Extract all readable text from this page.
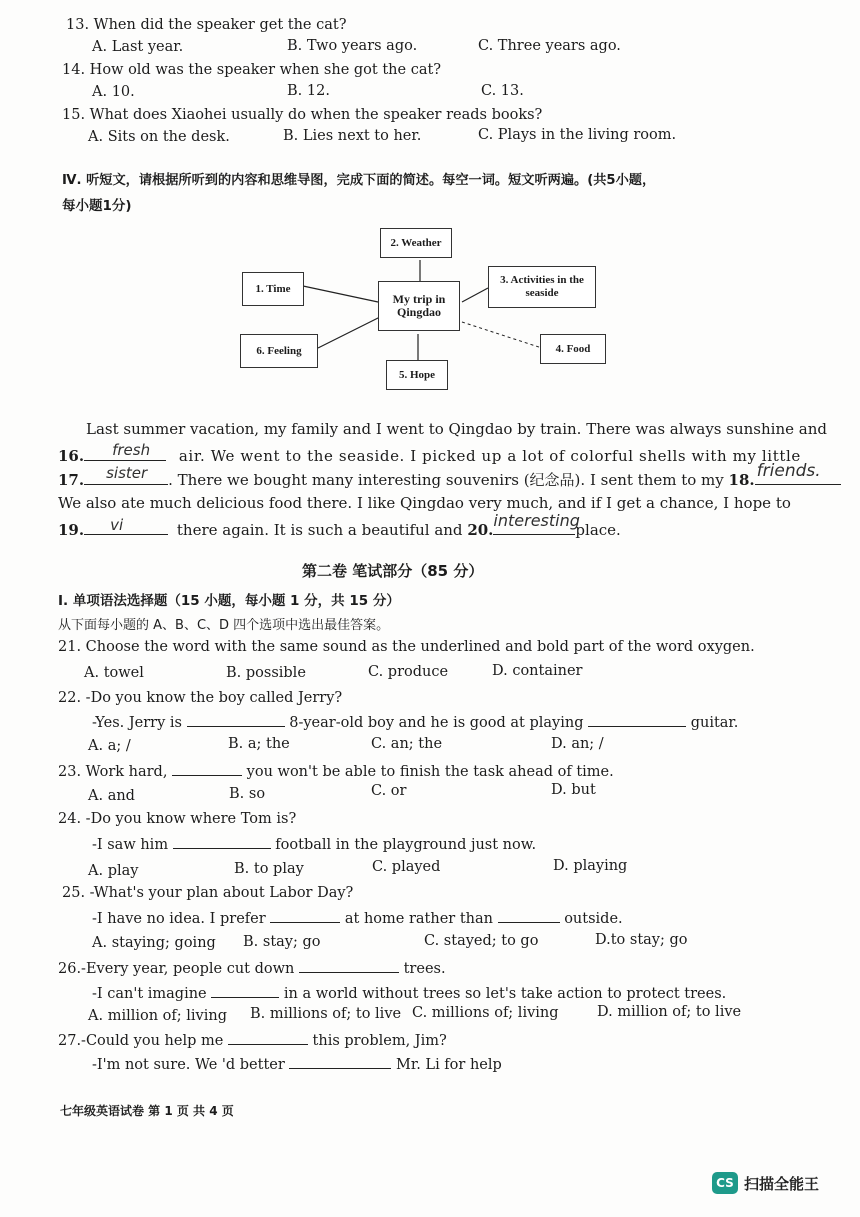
13. When did the speaker get the cat?
A. Last year.	B. Two years ago.	C. Three years ago.
14. How old was the speaker when she got the cat?
A. 10.	B. 12.	C. 13.
15. What does Xiaohei usually do when the speaker reads books?
A. Sits on the desk.	B. Lies next to her.	C. Plays in the living room.
Ⅳ. 听短文，请根据所听到的内容和思维导图，完成下面的简述。每空一词。短文听两遍。(共5小题，
每小题1分)
2. Weather
1. Time
My trip in Qingdao
3. Activities in the seaside
6. Feeling	4. Food
5. Hope
Last summer vacation, my family and I went to Qingdao by train. There was always sunshine and
16. fresh air. We went to the seaside. I picked up a lot of colorful shells with my little
17. sister . There we bought many interesting souvenirs (纪念品). I sent them to my 18. friends.
We also ate much delicious food there. I like Qingdao very much, and if I get a chance, I hope to
19. vi	there again. It is such a beautiful and 20. interesting
place.
第二卷 笔试部分（85 分）
I. 单项语法选择题（15 小题，每小题 1 分，共 15 分）
从下面每小题的 A、B、C、D 四个选项中选出最佳答案。
21. Choose the word with the same sound as the underlined and bold part of the word oxygen.
A. towel	B. possible	C. produce	D. container
22. -Do you know the boy called Jerry?
-Yes. Jerry is	8-year-old boy and he is good at playing	guitar.
A. a; /	B. a; the	C. an; the	D. an; /
23. Work hard,	you won't be able to finish the task ahead of time.
A. and	B. so	C. or	D. but
24. -Do you know where Tom is?
-I saw him	football in the playground just now.
A. play	B. to play	C. played	D. playing
25. -What's your plan about Labor Day?
-I have no idea. I prefer	at home rather than	outside.
A. staying; going B. stay; go	C. stayed; to go	D.to stay; go
26.-Every year, people cut down	trees.
-I can't imagine	in a world without trees so let's take action to protect trees.
A. million of; living B. millions of; to live C. millions of; living	D. million of; to live
27.-Could you help me	this problem, Jim?
-I'm not sure. We 'd better	Mr. Li for help
七年级英语试卷 第 1 页 共 4 页
CS 扫描全能王
